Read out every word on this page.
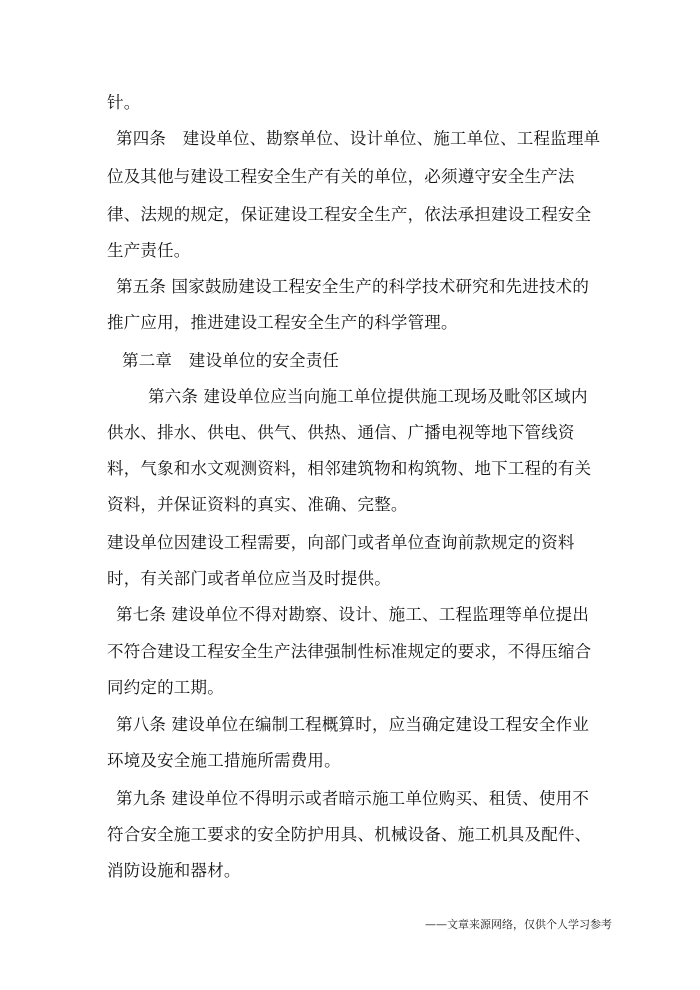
针。
第四条　建设单位、勘察单位、设计单位、施工单位、工程监理单
位及其他与建设工程安全生产有关的单位，必须遵守安全生产法
律、法规的规定，保证建设工程安全生产，依法承担建设工程安全
生产责任。
第五条 国家鼓励建设工程安全生产的科学技术研究和先进技术的
推广应用，推进建设工程安全生产的科学管理。
第二章　建设单位的安全责任
第六条 建设单位应当向施工单位提供施工现场及毗邻区域内
供水、排水、供电、供气、供热、通信、广播电视等地下管线资
料，气象和水文观测资料，相邻建筑物和构筑物、地下工程的有关
资料，并保证资料的真实、准确、完整。
建设单位因建设工程需要，向部门或者单位查询前款规定的资料
时，有关部门或者单位应当及时提供。
第七条 建设单位不得对勘察、设计、施工、工程监理等单位提出
不符合建设工程安全生产法律强制性标准规定的要求，不得压缩合
同约定的工期。
第八条 建设单位在编制工程概算时，应当确定建设工程安全作业
环境及安全施工措施所需费用。
第九条 建设单位不得明示或者暗示施工单位购买、租赁、使用不
符合安全施工要求的安全防护用具、机械设备、施工机具及配件、
消防设施和器材。
——文章来源网络，仅供个人学习参考
